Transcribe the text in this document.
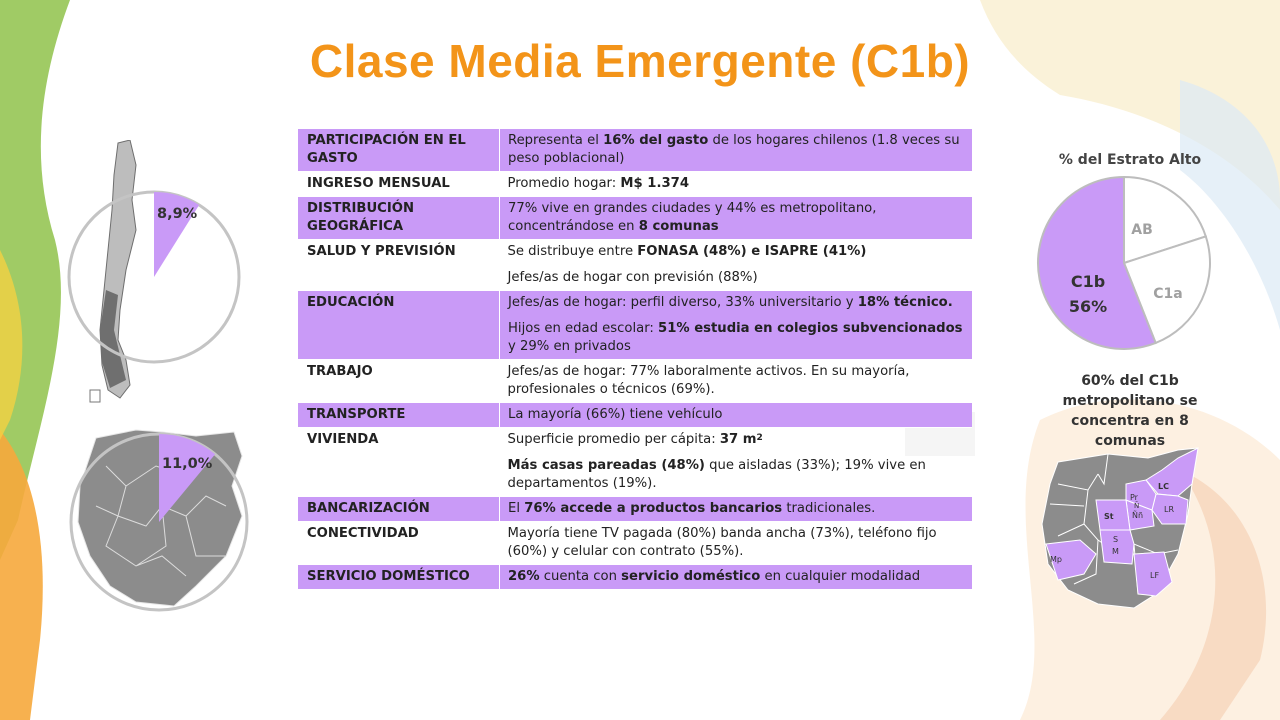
Clase Media Emergente (C1b)
8,9%
11,0%
PARTICIPACIÓN EN EL GASTO	Representa el 16% del gasto de los hogares chilenos (1.8 veces su peso poblacional)

INGRESO MENSUAL	Promedio hogar: M$ 1.374

DISTRIBUCIÓN GEOGRÁFICA	77% vive en grandes ciudades y 44% es metropolitano, concentrándose en 8 comunas

SALUD Y PREVISIÓN	Se distribuye entre FONASA (48%) e ISAPRE (41%)

Jefes/as de hogar con previsión (88%)

EDUCACIÓN	Jefes/as de hogar: perfil diverso, 33% universitario y 18% técnico.

Hijos en edad escolar: 51% estudia en colegios subvencionados y 29% en privados

TRABAJO	Jefes/as de hogar: 77% laboralmente activos. En su mayoría, profesionales o técnicos (69%).

TRANSPORTE	La mayoría (66%) tiene vehículo

VIVIENDA	Superficie promedio per cápita: 37 $m^2$

Más casas pareadas (48%) que aisladas (33%); 19% vive en departamentos (19%).

BANCARIZACIÓN	El 76% accede a productos bancarios tradicionales.

CONECTIVIDAD	Mayoría tiene TV pagada (80%) banda ancha (73%), teléfono fijo (60%) y celular con contrato (55%).

SERVICIO DOMÉSTICO	26% cuenta con servicio doméstico en cualquier modalidad

% del Estrato Alto
AB
C1a
C1b
56%
60% del C1b metropolitano se concentra en 8 comunas
LC
Pr
Ñ
Ññ
LR
St
S
M
Mp
LF
